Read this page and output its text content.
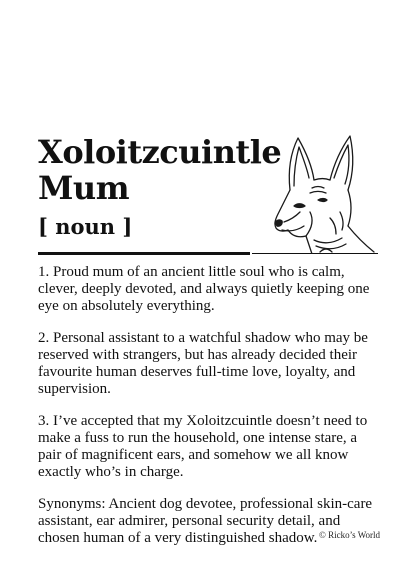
Xoloitzcuintle
Mum
[ noun ]

1. Proud mum of an ancient little soul who is calm, clever, deeply devoted, and always quietly keeping one eye on absolutely everything.

2. Personal assistant to a watchful shadow who may be reserved with strangers, but has already decided their favourite human deserves full-time love, loyalty, and supervision.

3. I’ve accepted that my Xoloitzcuintle doesn’t need to make a fuss to run the household, one intense stare, a pair of magnificent ears, and somehow we all know exactly who’s in charge.

Synonyms: Ancient dog devotee, professional skin-care assistant, ear admirer, personal security detail, and chosen human of a very distinguished shadow. © Ricko’s World
